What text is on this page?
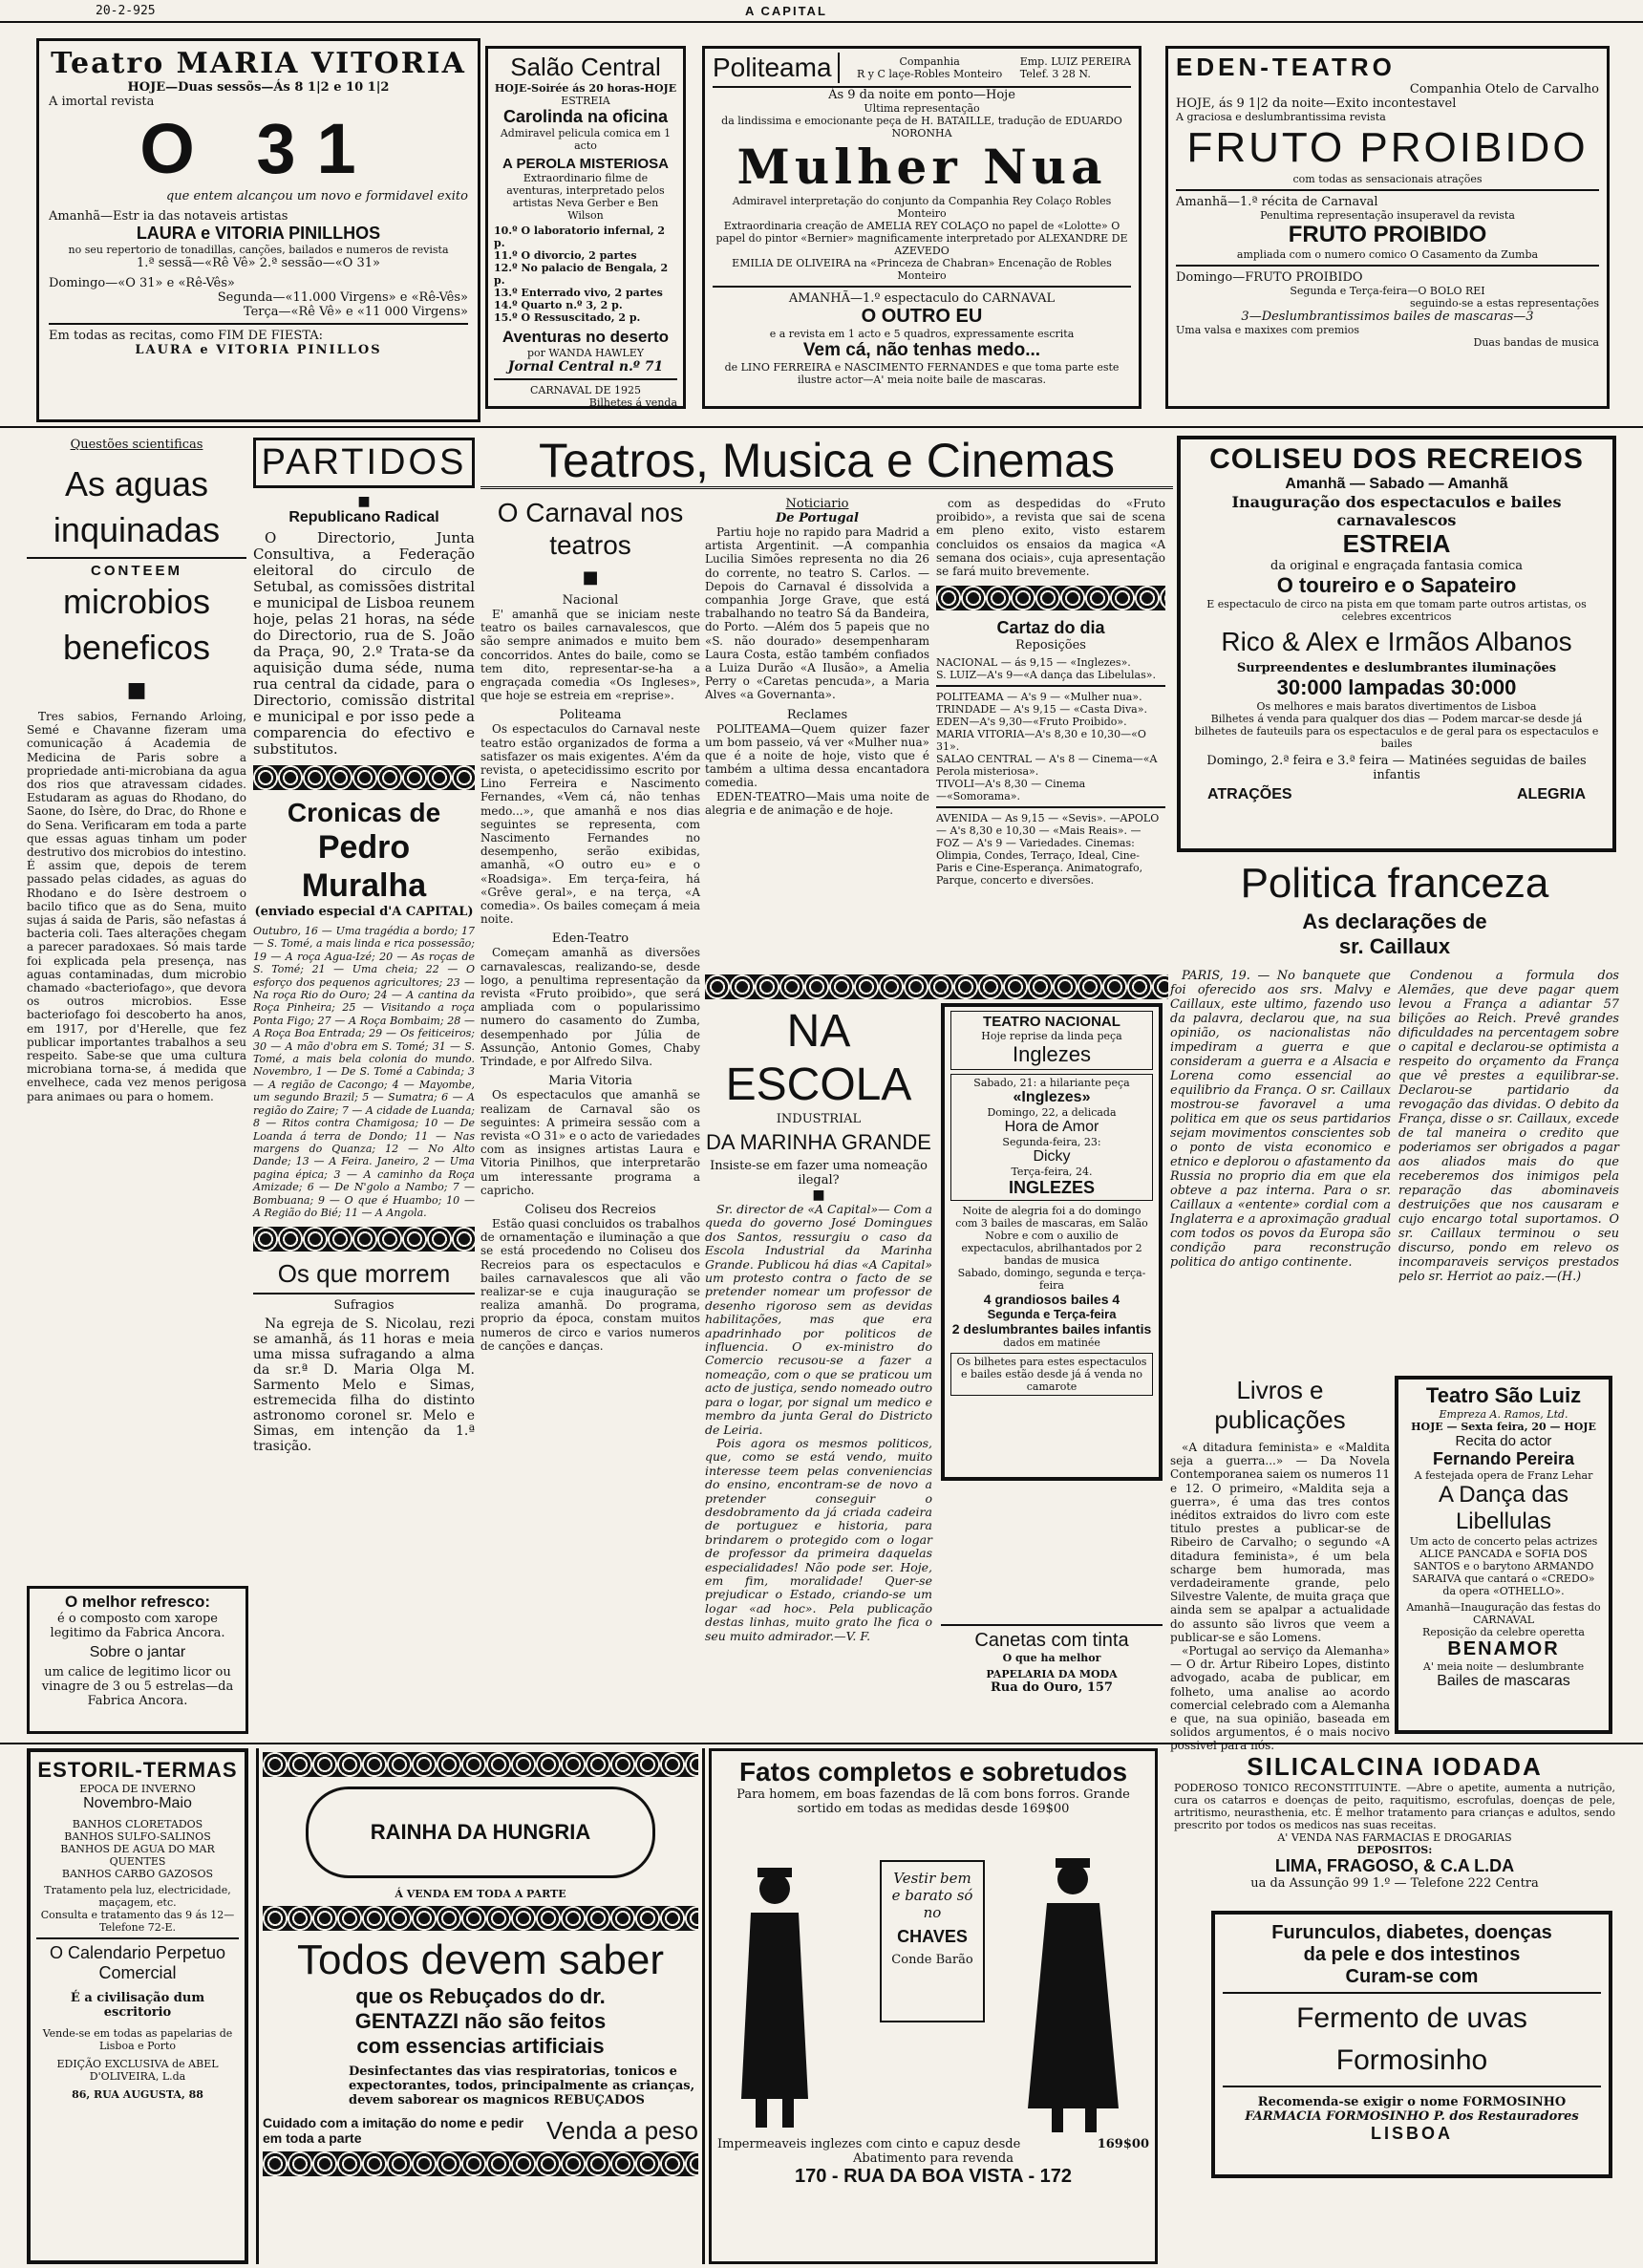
20-2-925	A CAPITAL
Teatro MARIA VITORIA

HOJE—Duas sessõs—Ás 8 1|2 e 10 1|2

A imortal revista

O 31

que entem alcançou um novo e formidavel exito

Amanhã—Estr ia das notaveis artistas

LAURA e VITORIA PINILLHOS

no seu repertorio de tonadillas, canções, bailados e numeros de revista

1.ª sessã—«Rê Vê» 2.ª sessão—«O 31»

Domingo—«O 31» e «Rê-Vês»

Segunda—«11.000 Virgens» e «Rê-Vês»

Terça—«Rê Vê» e «11 000 Virgens»

Em todas as recitas, como FIM DE FIESTA:

LAURA e VITORIA PINILLOS

Salão Central

HOJE-Soirée ás 20 horas-HOJE

ESTREIA

Carolinda na oficina

Admiravel pelicula comica em 1 acto

A PEROLA MISTERIOSA

Extraordinario filme de aventuras, interpretado pelos artistas Neva Gerber e Ben Wilson

10.º O laboratorio infernal, 2 p.

11.º O divorcio, 2 partes

12.º No palacio de Bengala, 2 p.

13.º Enterrado vivo, 2 partes

14.º Quarto n.º 3, 2 p.

15.º O Ressuscitado, 2 p.

Aventuras no deserto

por WANDA HAWLEY

Jornal Central n.º 71

CARNAVAL DE 1925

Bilhetes á venda

Politeama	Companhia

R y C laçe-Robles Monteiro

Emp. LUIZ PEREIRA

Telef. 3 28 N.

Ás 9 da noite em ponto—Hoje

Ultima representação

da lindissima e emocionante peça de H. BATAILLE, tradução de EDUARDO NORONHA

Mulher Nua

Admiravel interpretação do conjunto da Companhia Rey Colaço Robles Monteiro

Extraordinaria creação de AMELIA REY COLAÇO no papel de «Lolotte» O papel do pintor «Bernier» magnificamente interpretado por ALEXANDRE DE AZEVEDO

EMILIA DE OLIVEIRA na «Princeza de Chabran» Encenação de Robles Monteiro

AMANHÃ—1.º espectaculo do CARNAVAL

O OUTRO EU

e a revista em 1 acto e 5 quadros, expressamente escrita

Vem cá, não tenhas medo...

de LINO FERREIRA e NASCIMENTO FERNANDES e que toma parte este ilustre actor—A' meia noite baile de mascaras.

EDEN-TEATRO

Companhia Otelo de Carvalho

HOJE, ás 9 1|2 da noite—Exito incontestavel

A graciosa e deslumbrantissima revista

FRUTO PROIBIDO

com todas as sensacionais atrações

Amanhã—1.ª récita de Carnaval

Penultima representação insuperavel da revista

FRUTO PROIBIDO

ampliada com o numero comico O Casamento da Zumba

Domingo—FRUTO PROIBIDO

Segunda e Terça-feira—O BOLO REI

seguindo-se a estas representações

3—Deslumbrantissimos bailes de mascaras—3

Uma valsa e maxixes com premios

Duas bandas de musica

Questões scientificas

As aguas inquinadas
CONTEEM
microbios beneficos
■

Tres sabios, Fernando Arloing, Semé e Chavanne fizeram uma comunicação á Academia de Medicina de Paris sobre a propriedade anti-microbiana da agua dos rios que atravessam cidades. Estudaram as aguas do Rhodano, do Saone, do Isère, do Drac, do Rhone e do Sena. Verificaram em toda a parte que essas aguas tinham um poder destrutivo dos microbios do intestino. É assim que, depois de terem passado pelas cidades, as aguas do Rhodano e do Isère destroem o bacilo tifico que as do Sena, muito sujas á saida de Paris, são nefastas á bacteria coli. Taes alterações chegam a parecer paradoxaes. Só mais tarde foi explicada pela presença, nas aguas contaminadas, dum microbio chamado «bacteriofago», que devora os outros microbios. Esse bacteriofago foi descoberto ha anos, em 1917, por d'Herelle, que fez publicar importantes trabalhos a seu respeito. Sabe-se que uma cultura microbiana torna-se, á medida que envelhece, cada vez menos perigosa para animaes ou para o homem.

O melhor refresco:

é o composto com xarope legitimo da Fabrica Ancora.

Sobre o jantar

um calice de legitimo licor ou vinagre de 3 ou 5 estrelas—da Fabrica Ancora.

PARTIDOS
■

Republicano Radical

O Directorio, Junta Consultiva, a Federação eleitoral do circulo de Setubal, as comissões distrital e municipal de Lisboa reunem hoje, pelas 21 horas, na séde do Directorio, rua de S. João da Praça, 90, 2.º Trata-se da aquisição duma séde, numa rua central da cidade, para o Directorio, comissão distrital e municipal e por isso pede a comparencia do efectivo e substitutos.

Cronicas de
Pedro Muralha

(enviado especial d'A CAPITAL)

Outubro, 16 — Uma tragédia a bordo; 17 — S. Tomé, a mais linda e rica possessão; 19 — A roça Agua-Izé; 20 — As roças de S. Tomé; 21 — Uma cheia; 22 — O esforço dos pequenos agricultores; 23 — Na roça Rio do Ouro; 24 — A cantina da Roça Pinheira; 25 — Visitando a roça Ponta Figo; 27 — A Roça Bombaim; 28 — A Roça Boa Entrada; 29 — Os feiticeiros; 30 — A mão d'obra em S. Tomé; 31 — S. Tomé, a mais bela colonia do mundo. Novembro, 1 — De S. Tomé a Cabinda; 3 — A região de Cacongo; 4 — Mayombe, um segundo Brazil; 5 — Sumatra; 6 — A região do Zaire; 7 — A cidade de Luanda; 8 — Ritos contra Chamigosa; 10 — De Loanda á terra de Dondo; 11 — Nas margens do Quanza; 12 — No Alto Dande; 13 — A Feira. Janeiro, 2 — Uma pagina épica; 3 — A caminho da Roça Amizade; 6 — De N'golo a Nambo; 7 — Bombuana; 9 — O que é Huambo; 10 — A Região do Bié; 11 — A Angola.

Os que morrem

Sufragios

Na egreja de S. Nicolau, rezi se amanhã, ás 11 horas e meia uma missa sufragando a alma da sr.ª D. Maria Olga M. Sarmento Melo e Simas, estremecida filha do distinto astronomo coronel sr. Melo e Simas, em intenção da 1.ª trasição.

Teatros, Musica e Cinemas
O Carnaval nos teatros
■

Nacional

E' amanhã que se iniciam neste teatro os bailes carnavalescos, que são sempre animados e muito bem concorridos. Antes do baile, como se tem dito, representar-se-ha a engraçada comedia «Os Ingleses», que hoje se estreia em «reprise».

Politeama

Os espectaculos do Carnaval neste teatro estão organizados de forma a satisfazer os mais exigentes. A'ém da revista, o apetecidissimo escrito por Lino Ferreira e Nascimento Fernandes, «Vem cá, não tenhas medo...», que amanhã e nos dias seguintes se representa, com Nascimento Fernandes no desempenho, serão exibidas, amanhã, «O outro eu» e o «Roadsiga». Em terça-feira, há «Grêve geral», e na terça, «A comedia». Os bailes começam á meia noite.

Eden-Teatro

Começam amanhã as diversões carnavalescas, realizando-se, desde logo, a penultima representação da revista «Fruto proibido», que será ampliada com o popularissimo numero do casamento do Zumba, desempenhado por Júlia de Assunção, Antonio Gomes, Chaby Trindade, e por Alfredo Silva.

Maria Vitoria

Os espectaculos que amanhã se realizam de Carnaval são os seguintes: A primeira sessão com a revista «O 31» e o acto de variedades com as insignes artistas Laura e Vitoria Pinilhos, que interpretarão um interessante programa a capricho.

Coliseu dos Recreios

Estão quasi concluidos os trabalhos de ornamentação e iluminação a que se está procedendo no Coliseu dos Recreios para os espectaculos e bailes carnavalescos que ali vão realizar-se e cuja inauguração se realiza amanhã. Do programa, proprio da época, constam muitos numeros de circo e varios numeros de canções e danças.

Noticiario

De Portugal

Partiu hoje no rapido para Madrid a artista Argentinit. —A companhia Lucilia Simões representa no dia 26 do corrente, no teatro S. Carlos. —Depois do Carnaval é dissolvida a companhia Jorge Grave, que está trabalhando no teatro Sá da Bandeira, do Porto. —Além dos 5 papeis que no «S. não dourado» desempenharam Laura Costa, estão também confiados a Luiza Durão «A Ilusão», a Amelia Perry o «Caretas pencuda», a Maria Alves «a Governanta».

Reclames

POLITEAMA—Quem quizer fazer um bom passeio, vá ver «Mulher nua» que é a noite de hoje, visto que é também a ultima dessa encantadora comedia.

EDEN-TEATRO—Mais uma noite de alegria e de animação e de hoje.

com as despedidas do «Fruto proibido», a revista que sai de scena em pleno exito, visto estarem concluidos os ensaios da magica «A semana dos ociais», cuja apresentação se fará muito brevemente.

Cartaz do dia

Reposições

NACIONAL — ás 9,15 — «Inglezes».

S. LUIZ—A's 9—«A dança das Libelulas».

POLITEAMA — A's 9 — «Mulher nua».

TRINDADE — A's 9,15 — «Casta Diva».

EDEN—A's 9,30—«Fruto Proibido».

MARIA VITORIA—A's 8,30 e 10,30—«O 31».

SALAO CENTRAL — A's 8 — Cinema—«A Perola misteriosa».

TIVOLI—A's 8,30 — Cinema—«Somorama».

AVENIDA — As 9,15 — «Sevis». —APOLO — A's 8,30 e 10,30 — «Mais Reais». — FOZ — A's 9 — Variedades. Cinemas: Olimpia, Condes, Terraço, Ideal, Cine-Paris e Cine-Esperança. Animatografo, Parque, concerto e diversões.

NA ESCOLA

INDUSTRIAL

DA MARINHA GRANDE

Insiste-se em fazer uma nomeação ilegal?

■

Sr. director de «A Capital»— Com a queda do governo José Domingues dos Santos, ressurgiu o caso da Escola Industrial da Marinha Grande. Publicou há dias «A Capital» um protesto contra o facto de se pretender nomear um professor de desenho rigoroso sem as devidas habilitações, mas que era apadrinhado por politicos de influencia. O ex-ministro do Comercio recusou-se a fazer a nomeação, com o que se praticou um acto de justiça, sendo nomeado outro para o logar, por signal um medico e membro da junta Geral do Districto de Leiria.

Pois agora os mesmos politicos, que, como se está vendo, muito interesse teem pelas conveniencias do ensino, encontram-se de novo a pretender conseguir o desdobramento da já criada cadeira de portuguez e historia, para brindarem o protegido com o logar de professor da primeira daquelas especialidades! Não pode ser. Hoje, em fim, moralidade! Quer-se prejudicar o Estado, criando-se um logar «ad hoc». Pela publicação destas linhas, muito grato lhe fica o seu muito admirador.—V. F.

TEATRO NACIONAL

Hoje reprise da linda peça

Inglezes

Sabado, 21: a hilariante peça

«Inglezes»

Domingo, 22, a delicada

Hora de Amor

Segunda-feira, 23:

Dicky

Terça-feira, 24.

INGLEZES

Noite de alegria foi a do domingo com 3 bailes de mascaras, em Salão Nobre e com o auxilio de expectaculos, abrilhantados por 2 bandas de musica

Sabado, domingo, segunda e terça-feira

4 grandiosos bailes 4

Segunda e Terça-feira

2 deslumbrantes bailes infantis

dados em matinée

Os bilhetes para estes espectaculos e bailes estão desde já á venda no camarote

Canetas com tinta

O que ha melhor

PAPELARIA DA MODA

Rua do Ouro, 157

COLISEU DOS RECREIOS

Amanhã — Sabado — Amanhã

Inauguração dos espectaculos e bailes carnavalescos

ESTREIA

da original e engraçada fantasia comica

O toureiro e o Sapateiro

E espectaculo de circo na pista em que tomam parte outros artistas, os celebres excentricos

Rico & Alex e Irmãos Albanos

Surpreendentes e deslumbrantes iluminações

30:000 lampadas 30:000

Os melhores e mais baratos divertimentos de Lisboa

Bilhetes á venda para qualquer dos dias — Podem marcar-se desde já bilhetes de fauteuils para os espectaculos e de geral para os espectaculos e bailes

Domingo, 2.ª feira e 3.ª feira — Matinées seguidas de bailes infantis

ATRAÇÕES	ALEGRIA
Politica franceza

As declarações de

sr. Caillaux

PARIS, 19. — No banquete que foi oferecido aos srs. Malvy e Caillaux, este ultimo, fazendo uso da palavra, declarou que, na sua opinião, os nacionalistas não impediram a guerra e que consideram a guerra e a Alsacia e Lorena como essencial ao equilibrio da França. O sr. Caillaux mostrou-se favoravel a uma politica em que os seus partidarios sejam movimentos conscientes sob o ponto de vista economico e etnico e deplorou o afastamento da Russia no proprio dia em que ela obteve a paz interna. Para o sr. Caillaux a «entente» cordial com a Inglaterra e a aproximação gradual com todos os povos da Europa são condição para reconstrução politica do antigo continente.

Condenou a formula dos Alemães, que deve pagar quem levou a França a adiantar 57 bilições ao Reich. Prevê grandes dificuldades na percentagem sobre o capital e declarou-se optimista a respeito do orçamento da França que vê prestes a equilibrar-se. Declarou-se partidario da revogação das dividas. O debito da França, disse o sr. Caillaux, excede de tal maneira o credito que poderiamos ser obrigados a pagar aos aliados mais do que receberemos dos inimigos pela reparação das abominaveis destruições que nos causaram e cujo encargo total suportamos. O sr. Caillaux terminou o seu discurso, pondo em relevo os incomparaveis serviços prestados pelo sr. Herriot ao paiz.—(H.)

Livros e publicações

«A ditadura feminista» e «Maldita seja a guerra...» — Da Novela Contemporanea saiem os numeros 11 e 12. O primeiro, «Maldita seja a guerra», é uma das tres contos inéditos extraidos do livro com este titulo prestes a publicar-se de Ribeiro de Carvalho; o segundo «A ditadura feminista», é um bela scharge bem humorada, mas verdadeiramente grande, pelo Silvestre Valente, de muita graça que ainda sem se apalpar a actualidade do assunto são livros que veem a publicar-se e são Lomens.

«Portugal ao serviço da Alemanha» — O dr. Artur Ribeiro Lopes, distinto advogado, acaba de publicar, em folheto, uma analise ao acordo comercial celebrado com a Alemanha e que, na sua opinião, baseada em solidos argumentos, é o mais nocivo possivel para nós.

Teatro São Luiz

Empreza A. Ramos, Ltd.

HOJE — Sexta feira, 20 — HOJE

Recita do actor

Fernando Pereira

A festejada opera de Franz Lehar

A Dança das Libellulas

Um acto de concerto pelas actrizes ALICE PANCADA e SOFIA DOS SANTOS e o barytono ARMANDO SARAIVA que cantará o «CREDO» da opera «OTHELLO».

Amanhã—Inauguração das festas do CARNAVAL

Reposição da celebre operetta

BENAMOR

A' meia noite — deslumbrante

Bailes de mascaras

ESTORIL-TERMAS

EPOCA DE INVERNO

Novembro-Maio

BANHOS CLORETADOS

BANHOS SULFO-SALINOS

BANHOS DE AGUA DO MAR QUENTES

BANHOS CARBO GAZOSOS

Tratamento pela luz, electricidade, maçagem, etc.

Consulta e tratamento das 9 ás 12—Telefone 72-E.

O Calendario Perpetuo Comercial

É a civilisação dum escritorio

Vende-se em todas as papelarias de Lisboa e Porto

EDIÇÃO EXCLUSIVA de ABEL D'OLIVEIRA, L.da

86, RUA AUGUSTA, 88

RAINHA DA HUNGRIA

Á VENDA EM TODA A PARTE

Todos devem saber

que os Rebuçados do dr.

GENTAZZI não são feitos

com essencias artificiais

Desinfectantes das vias respiratorias, tonicos e expectorantes, todos, principalmente as crianças, devem saborear os magnicos REBUÇADOS

Cuidado com a imitação do nome e pedir em toda a parte	Venda a peso

Fatos completos e sobretudos

Para homem, em boas fazendas de lã com bons forros. Grande sortido em todas as medidas desde 169$00

Vestir bem e barato só no

CHAVES

Conde Barão

Impermeaveis inglezes com cinto e capuz desde	169$00

Abatimento para revenda

170 - RUA DA BOA VISTA - 172

SILICALCINA IODADA

PODEROSO TONICO RECONSTITUINTE. —Abre o apetite, aumenta a nutrição, cura os catarros e doenças de peito, raquitismo, escrofulas, doenças de pele, artritismo, neurasthenia, etc. É melhor tratamento para crianças e adultos, sendo prescrito por todos os medicos nas suas receitas.

A' VENDA NAS FARMACIAS E DROGARIAS

DEPOSITOS:

LIMA, FRAGOSO, & C.A L.DA

ua da Assunção 99 1.º — Telefone 222 Centra

Furunculos, diabetes, doenças

da pele e dos intestinos

Curam-se com

Fermento de uvas Formosinho

Recomenda-se exigir o nome FORMOSINHO

FARMACIA FORMOSINHO P. dos Restauradores

LISBOA
